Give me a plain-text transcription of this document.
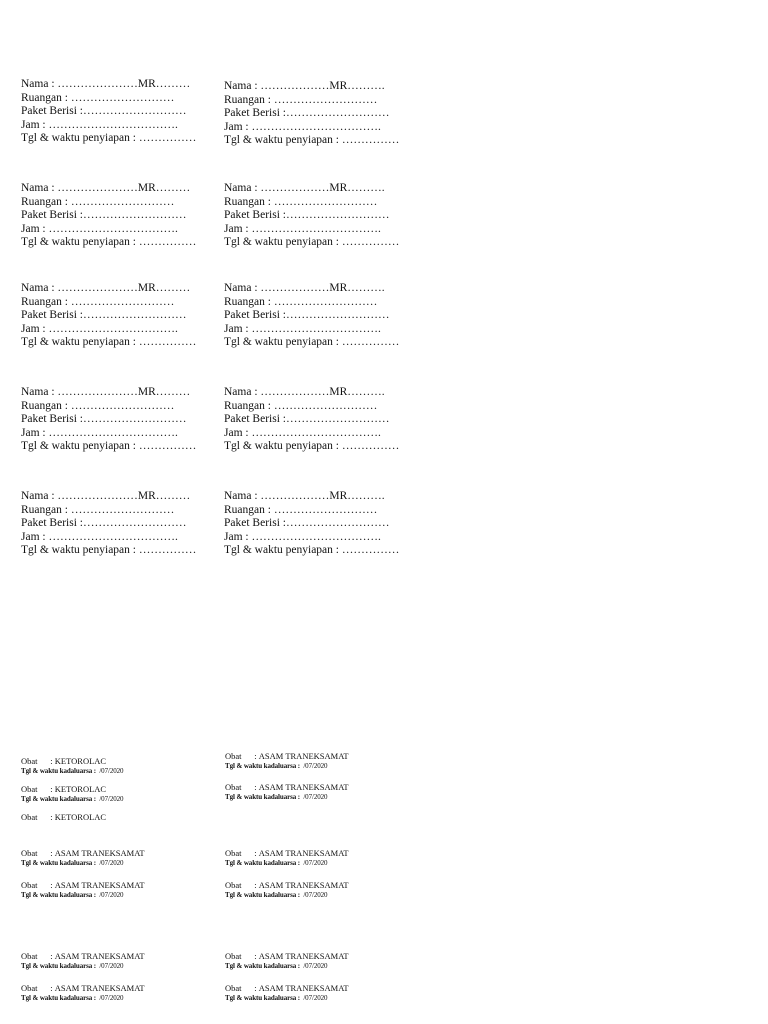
Nama : …………………MR………
Ruangan : ………………………
Paket Berisi :………………………
Jam : …………………………….
Tgl & waktu penyiapan : ……………
Nama : ………………MR……….
Ruangan : ………………………
Paket Berisi :………………………
Jam : …………………………….
Tgl & waktu penyiapan : ……………
Nama : …………………MR………
Ruangan : ………………………
Paket Berisi :………………………
Jam : …………………………….
Tgl & waktu penyiapan : ……………
Nama : ………………MR……….
Ruangan : ………………………
Paket Berisi :………………………
Jam : …………………………….
Tgl & waktu penyiapan : ……………
Nama : …………………MR………
Ruangan : ………………………
Paket Berisi :………………………
Jam : …………………………….
Tgl & waktu penyiapan : ……………
Nama : ………………MR……….
Ruangan : ………………………
Paket Berisi :………………………
Jam : …………………………….
Tgl & waktu penyiapan : ……………
Nama : …………………MR………
Ruangan : ………………………
Paket Berisi :………………………
Jam : …………………………….
Tgl & waktu penyiapan : ……………
Nama : ………………MR……….
Ruangan : ………………………
Paket Berisi :………………………
Jam : …………………………….
Tgl & waktu penyiapan : ……………
Nama : …………………MR………
Ruangan : ………………………
Paket Berisi :………………………
Jam : …………………………….
Tgl & waktu penyiapan : ……………
Nama : ………………MR……….
Ruangan : ………………………
Paket Berisi :………………………
Jam : …………………………….
Tgl & waktu penyiapan : ……………
Obat : KETOROLAC
Tgl & waktu kadaluarsa : /07/2020
Obat : KETOROLAC
Tgl & waktu kadaluarsa : /07/2020
Obat : KETOROLAC
Obat : ASAM TRANEKSAMAT
Tgl & waktu kadaluarsa : /07/2020
Obat : ASAM TRANEKSAMAT
Tgl & waktu kadaluarsa : /07/2020
Obat : ASAM TRANEKSAMAT
Tgl & waktu kadaluarsa : /07/2020
Obat : ASAM TRANEKSAMAT
Tgl & waktu kadaluarsa : /07/2020
Obat : ASAM TRANEKSAMAT
Tgl & waktu kadaluarsa : /07/2020
Obat : ASAM TRANEKSAMAT
Tgl & waktu kadaluarsa : /07/2020
Obat : ASAM TRANEKSAMAT
Tgl & waktu kadaluarsa : /07/2020
Obat : ASAM TRANEKSAMAT
Tgl & waktu kadaluarsa : /07/2020
Obat : ASAM TRANEKSAMAT
Tgl & waktu kadaluarsa : /07/2020
Obat : ASAM TRANEKSAMAT
Tgl & waktu kadaluarsa : /07/2020
